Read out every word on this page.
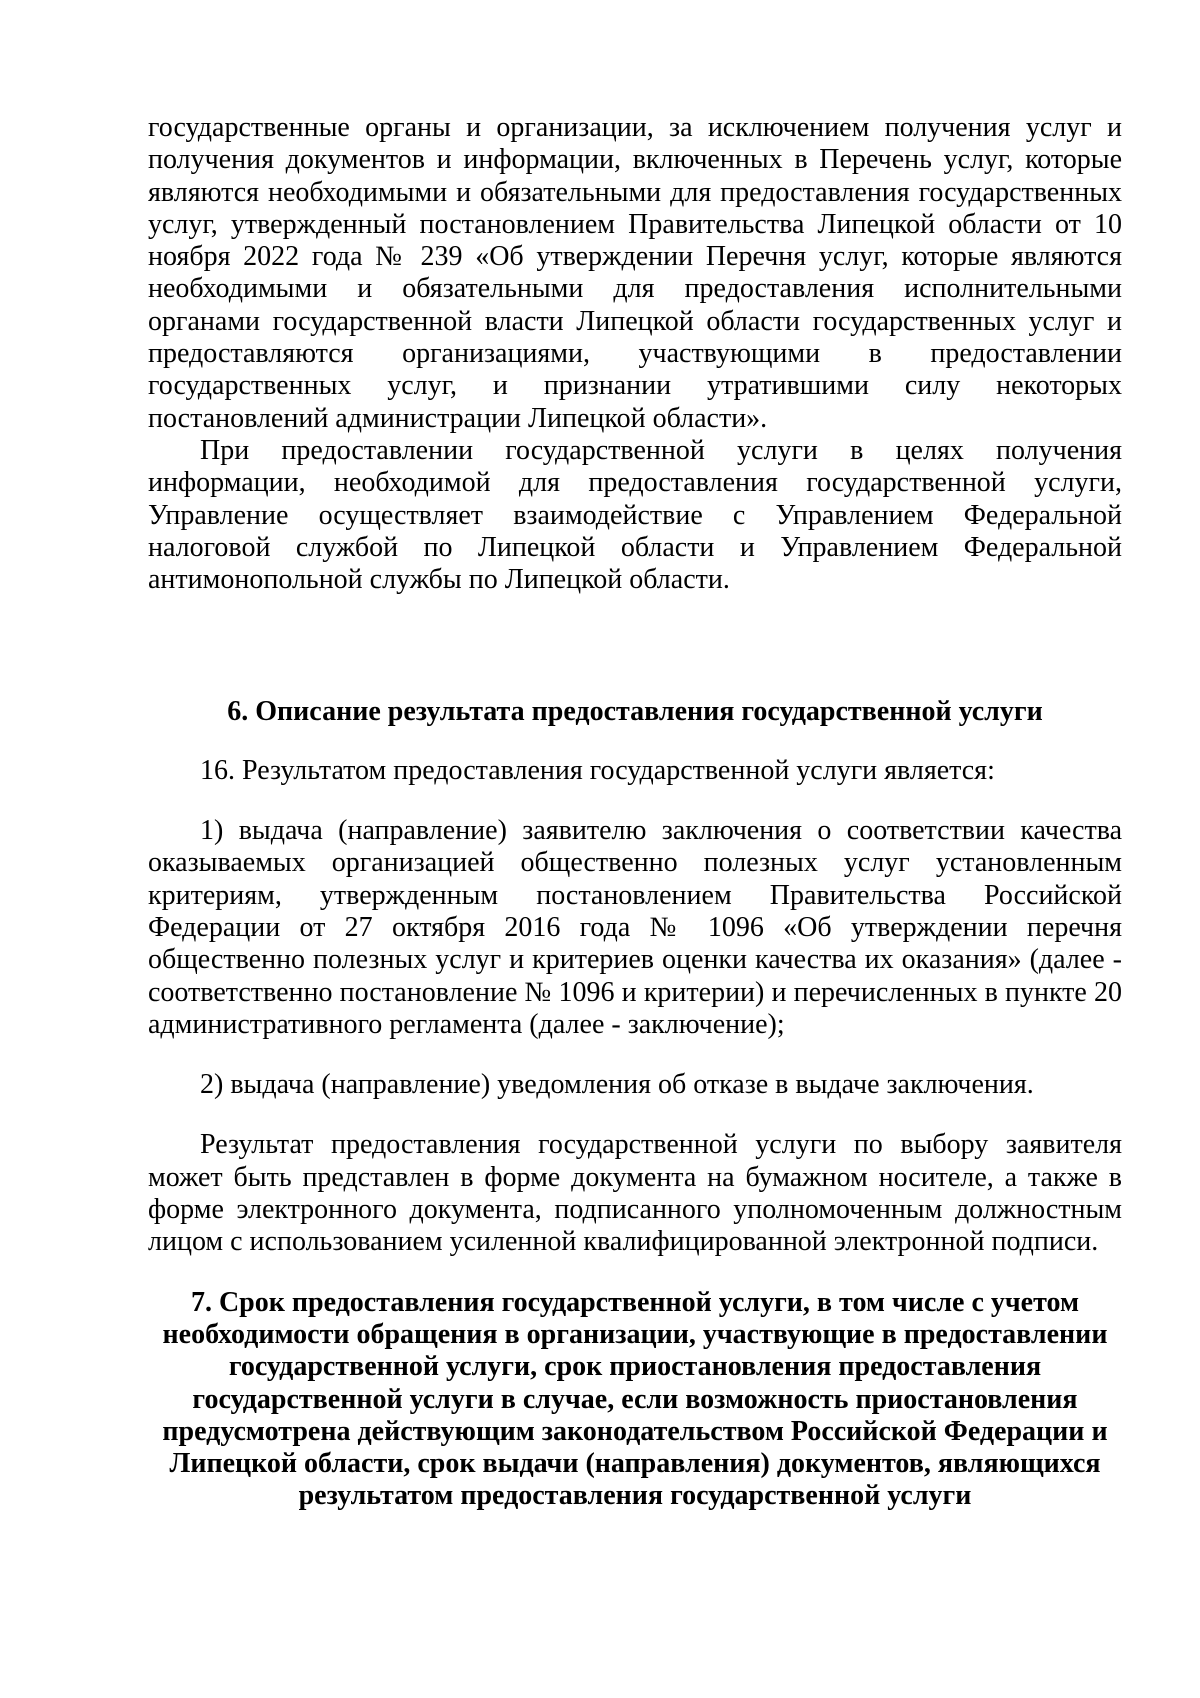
государственные органы и организации, за исключением получения услуг и получения документов и информации, включенных в Перечень услуг, которые являются необходимыми и обязательными для предоставления государственных услуг, утвержденный постановлением Правительства Липецкой области от 10 ноября 2022 года № 239 «Об утверждении Перечня услуг, которые являются необходимыми и обязательными для предоставления исполнительными органами государственной власти Липецкой области государственных услуг и предоставляются организациями, участвующими в предоставлении государственных услуг, и признании утратившими силу некоторых постановлений администрации Липецкой области».

При предоставлении государственной услуги в целях получения информации, необходимой для предоставления государственной услуги, Управление осуществляет взаимодействие с Управлением Федеральной налоговой службой по Липецкой области и Управлением Федеральной антимонопольной службы по Липецкой области.

6. Описание результата предоставления государственной услуги

16. Результатом предоставления государственной услуги является:

1) выдача (направление) заявителю заключения о соответствии качества оказываемых организацией общественно полезных услуг установленным критериям, утвержденным постановлением Правительства Российской Федерации от 27 октября 2016 года № 1096 «Об утверждении перечня общественно полезных услуг и критериев оценки качества их оказания» (далее - соответственно постановление № 1096 и критерии) и перечисленных в пункте 20 административного регламента (далее - заключение);

2) выдача (направление) уведомления об отказе в выдаче заключения.

Результат предоставления государственной услуги по выбору заявителя может быть представлен в форме документа на бумажном носителе, а также в форме электронного документа, подписанного уполномоченным должностным лицом с использованием усиленной квалифицированной электронной подписи.

7. Срок предоставления государственной услуги, в том числе с учетом необходимости обращения в организации, участвующие в предоставлении государственной услуги, срок приостановления предоставления государственной услуги в случае, если возможность приостановления предусмотрена действующим законодательством Российской Федерации и Липецкой области, срок выдачи (направления) документов, являющихся результатом предоставления государственной услуги
